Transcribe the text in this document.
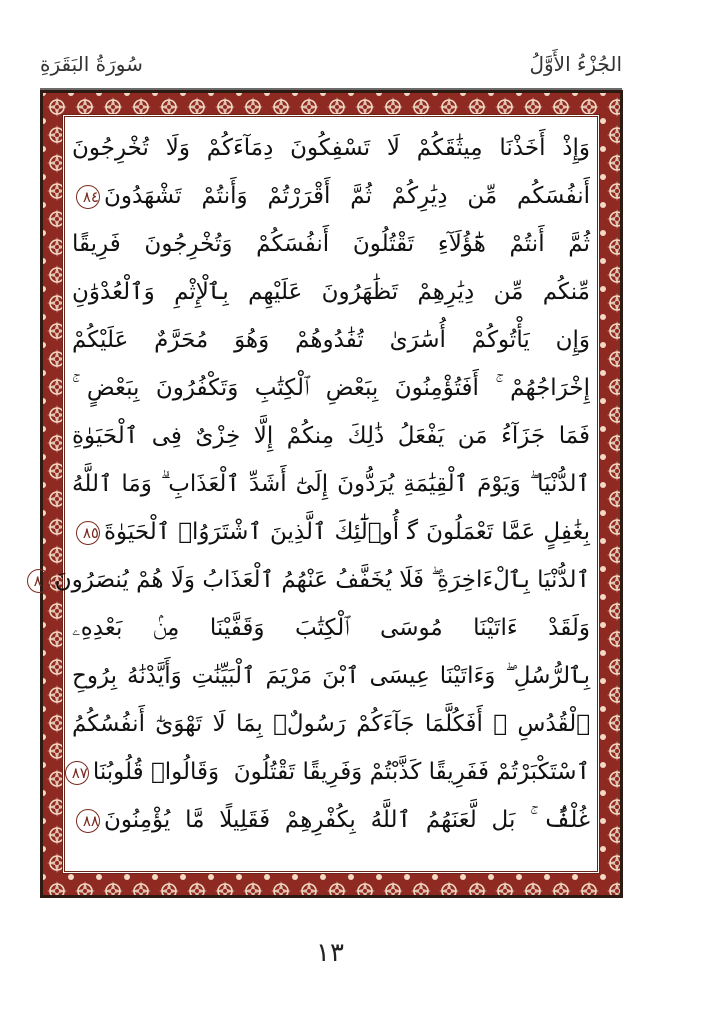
الجُزْءُ الأَوَّلُ
سُورَةُ البَقَرَةِ
وَإِذْ أَخَذْنَا مِيثَٰقَكُمْ لَا تَسْفِكُونَ دِمَآءَكُمْ وَلَا تُخْرِجُونَ
أَنفُسَكُم مِّن دِيَٰرِكُمْ ثُمَّ أَقْرَرْتُمْ وَأَنتُمْ تَشْهَدُونَ٨٤
ثُمَّ أَنتُمْ هَٰٓؤُلَآءِ تَقْتُلُونَ أَنفُسَكُمْ وَتُخْرِجُونَ فَرِيقًا
مِّنكُم مِّن دِيَٰرِهِمْ تَظَٰهَرُونَ عَلَيْهِم بِٱلْإِثْمِ وَٱلْعُدْوَٰنِ
وَإِن يَأْتُوكُمْ أُسَٰرَىٰ تُفَٰدُوهُمْ وَهُوَ مُحَرَّمٌ عَلَيْكُمْ
إِخْرَاجُهُمْ ۚ أَفَتُؤْمِنُونَ بِبَعْضِ ٱلْكِتَٰبِ وَتَكْفُرُونَ بِبَعْضٍ ۚ
فَمَا جَزَآءُ مَن يَفْعَلُ ذَٰلِكَ مِنكُمْ إِلَّا خِزْىٌ فِى ٱلْحَيَوٰةِ
ٱلدُّنْيَا ۖ وَيَوْمَ ٱلْقِيَٰمَةِ يُرَدُّونَ إِلَىٰٓ أَشَدِّ ٱلْعَذَابِ ۗ وَمَا ٱللَّهُ
بِغَٰفِلٍ عَمَّا تَعْمَلُونَ ‎ﮔ أُو۟لَٰٓئِكَ ٱلَّذِينَ ٱشْتَرَوُا۟ ٱلْحَيَوٰةَ٨٥
ٱلدُّنْيَا بِٱلْءَاخِرَةِ ۖ فَلَا يُخَفَّفُ عَنْهُمُ ٱلْعَذَابُ وَلَا هُمْ يُنصَرُونَ٨٦
وَلَقَدْ ءَاتَيْنَا مُوسَى ٱلْكِتَٰبَ وَقَفَّيْنَا مِنۢ بَعْدِهِۦ
بِٱلرُّسُلِ ۖ وَءَاتَيْنَا عِيسَى ٱبْنَ مَرْيَمَ ٱلْبَيِّنَٰتِ وَأَيَّدْنَٰهُ بِرُوحِ
ٱلْقُدُسِ ۗ أَفَكُلَّمَا جَآءَكُمْ رَسُولٌۢ بِمَا لَا تَهْوَىٰٓ أَنفُسُكُمُ
ٱسْتَكْبَرْتُمْ فَفَرِيقًا كَذَّبْتُمْ وَفَرِيقًا تَقْتُلُونَ وَقَالُوا۟ قُلُوبُنَا٨٧
غُلْفٌۢ ۚ بَل لَّعَنَهُمُ ٱللَّهُ بِكُفْرِهِمْ فَقَلِيلًا مَّا يُؤْمِنُونَ٨٨
١٣
